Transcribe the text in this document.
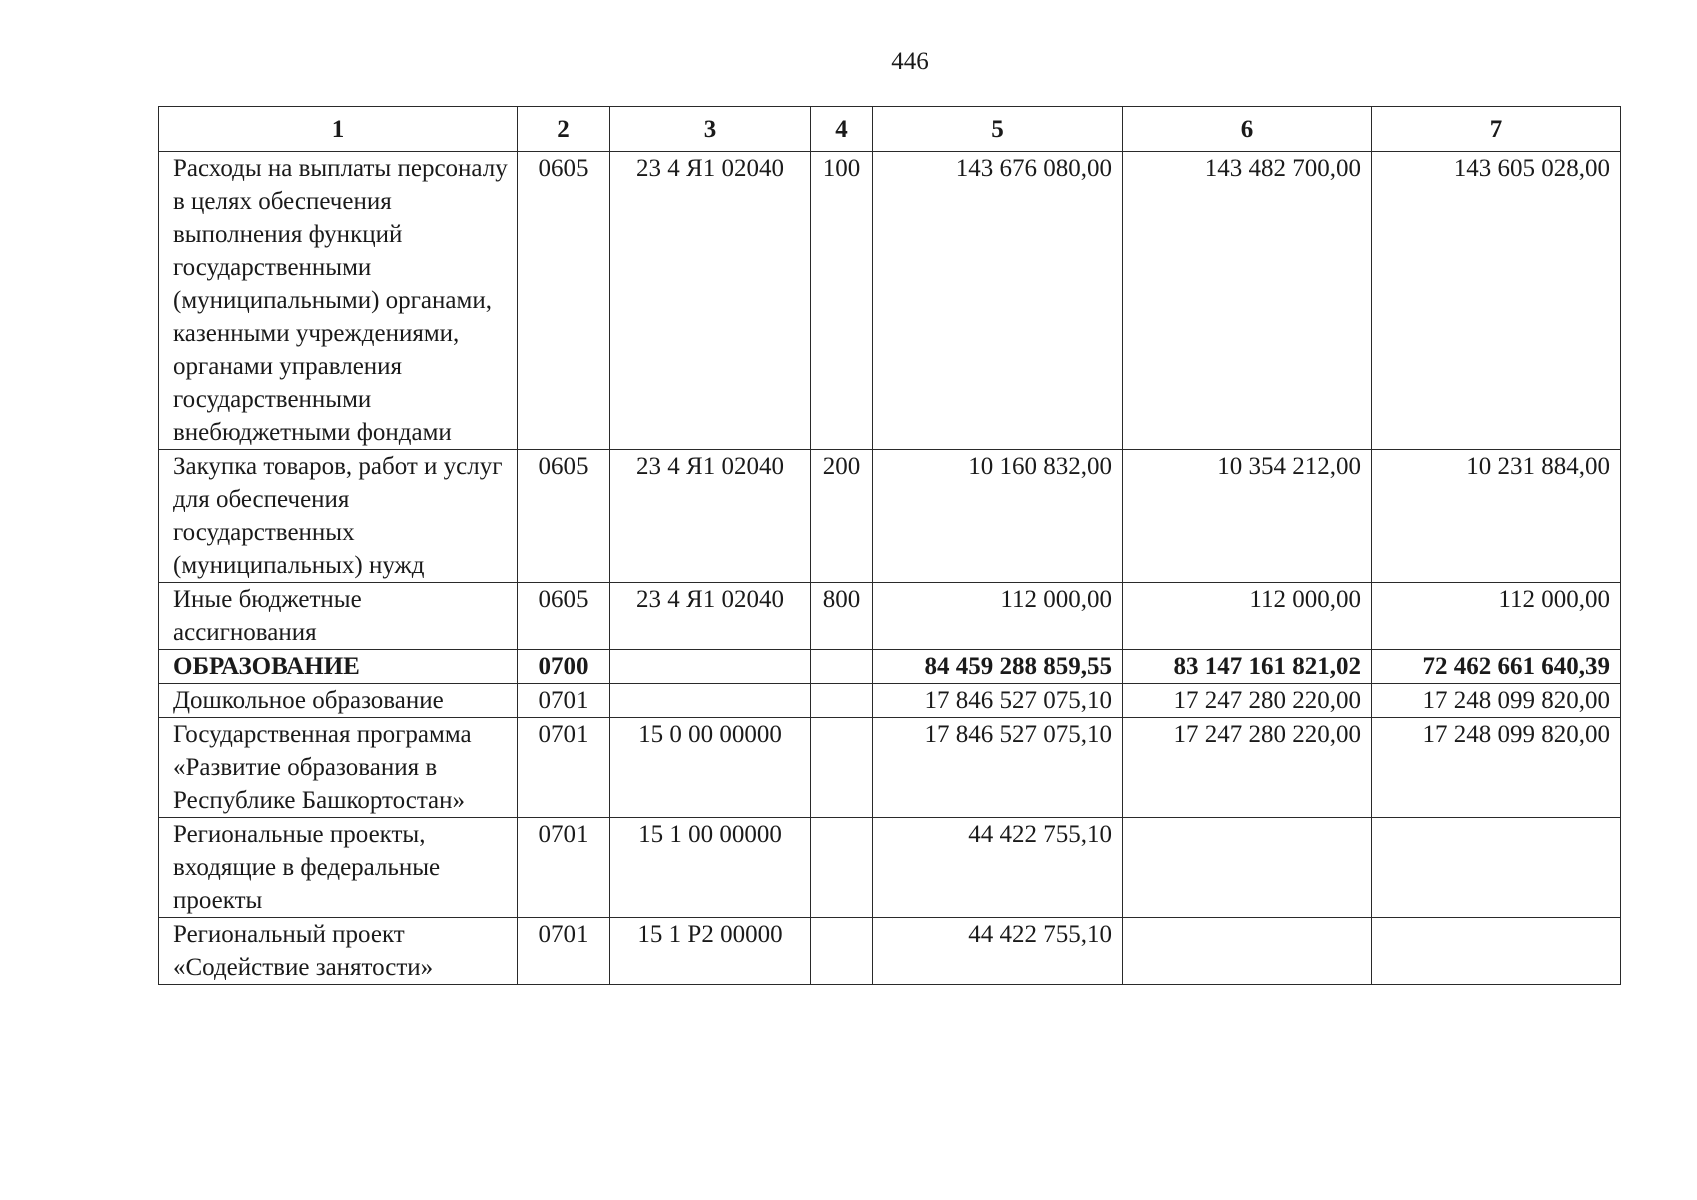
446
1	2	3	4	5	6	7
Расходы на выплаты персоналу в целях обеспечения выполнения функций государственными (муниципальными) органами, казенными учреждениями, органами управления государственными внебюджетными фондами	0605	23 4 Я1 02040	100	143 676 080,00	143 482 700,00	143 605 028,00
Закупка товаров, работ и услуг для обеспечения государственных (муниципальных) нужд	0605	23 4 Я1 02040	200	10 160 832,00	10 354 212,00	10 231 884,00
Иные бюджетные ассигнования	0605	23 4 Я1 02040	800	112 000,00	112 000,00	112 000,00
ОБРАЗОВАНИЕ	0700			84 459 288 859,55	83 147 161 821,02	72 462 661 640,39
Дошкольное образование	0701			17 846 527 075,10	17 247 280 220,00	17 248 099 820,00
Государственная программа «Развитие образования в Республике Башкортостан»	0701	15 0 00 00000		17 846 527 075,10	17 247 280 220,00	17 248 099 820,00
Региональные проекты, входящие в федеральные проекты	0701	15 1 00 00000		44 422 755,10		
Региональный проект «Содействие занятости»	0701	15 1 Р2 00000		44 422 755,10		
